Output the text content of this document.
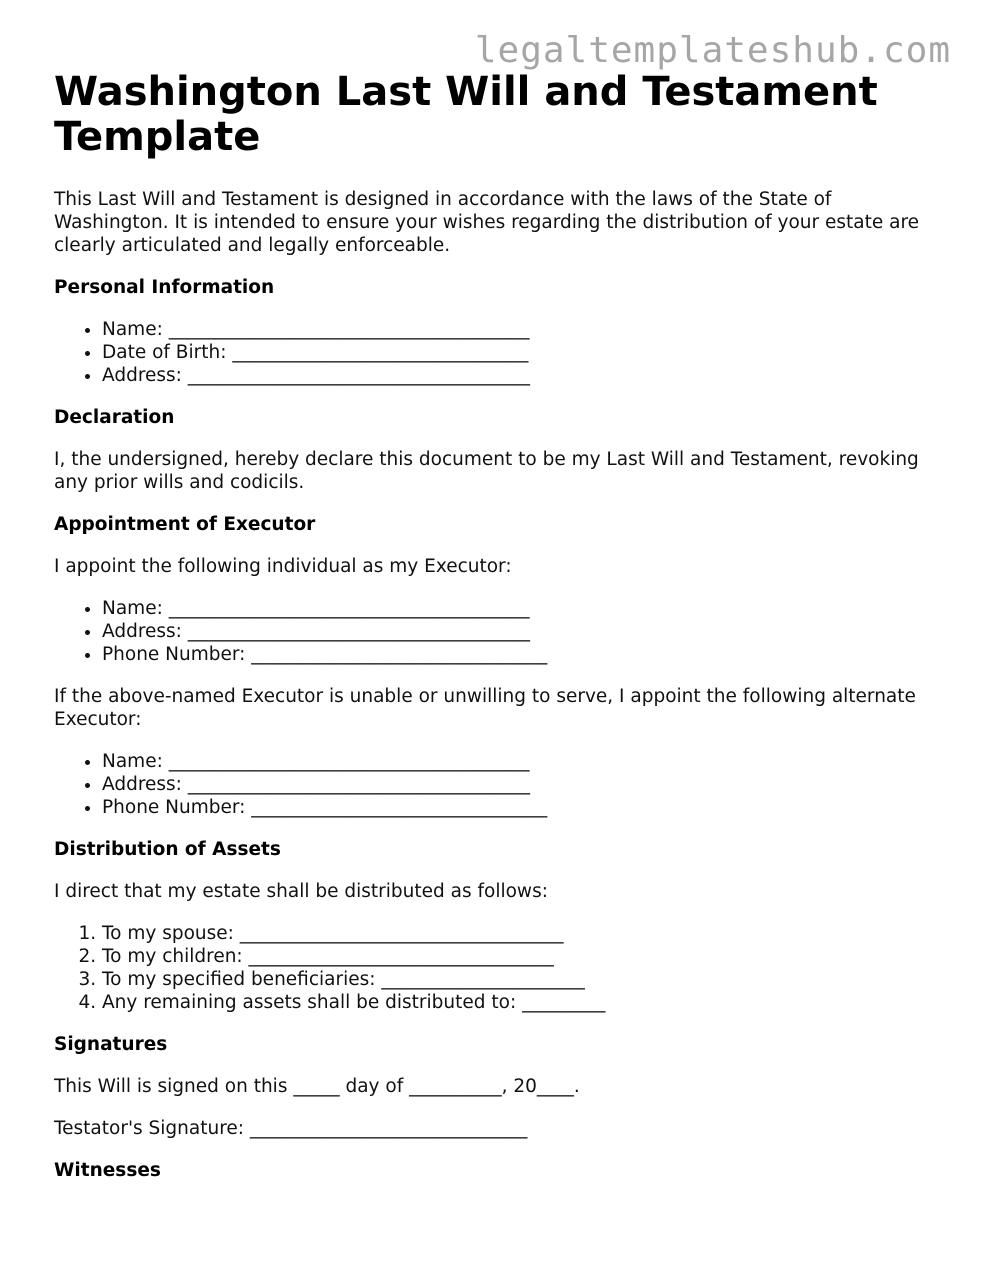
legaltemplateshub.com
Washington Last Will and Testament Template

This Last Will and Testament is designed in accordance with the laws of the State of Washington. It is intended to ensure your wishes regarding the distribution of your estate are clearly articulated and legally enforceable.

Personal Information
• Name: _______________________________________
• Date of Birth: ________________________________
• Address: _____________________________________
Declaration

I, the undersigned, hereby declare this document to be my Last Will and Testament, revoking any prior wills and codicils.

Appointment of Executor

I appoint the following individual as my Executor:

• Name: _______________________________________
• Address: _____________________________________
• Phone Number: ________________________________

If the above-named Executor is unable or unwilling to serve, I appoint the following alternate Executor:

• Name: _______________________________________
• Address: _____________________________________
• Phone Number: ________________________________
Distribution of Assets

I direct that my estate shall be distributed as follows:

1. To my spouse: ___________________________________
2. To my children: _________________________________
3. To my specified beneficiaries: ______________________
4. Any remaining assets shall be distributed to: _________
Signatures

This Will is signed on this _____ day of __________, 20____.

Testator's Signature: ______________________________

Witnesses
